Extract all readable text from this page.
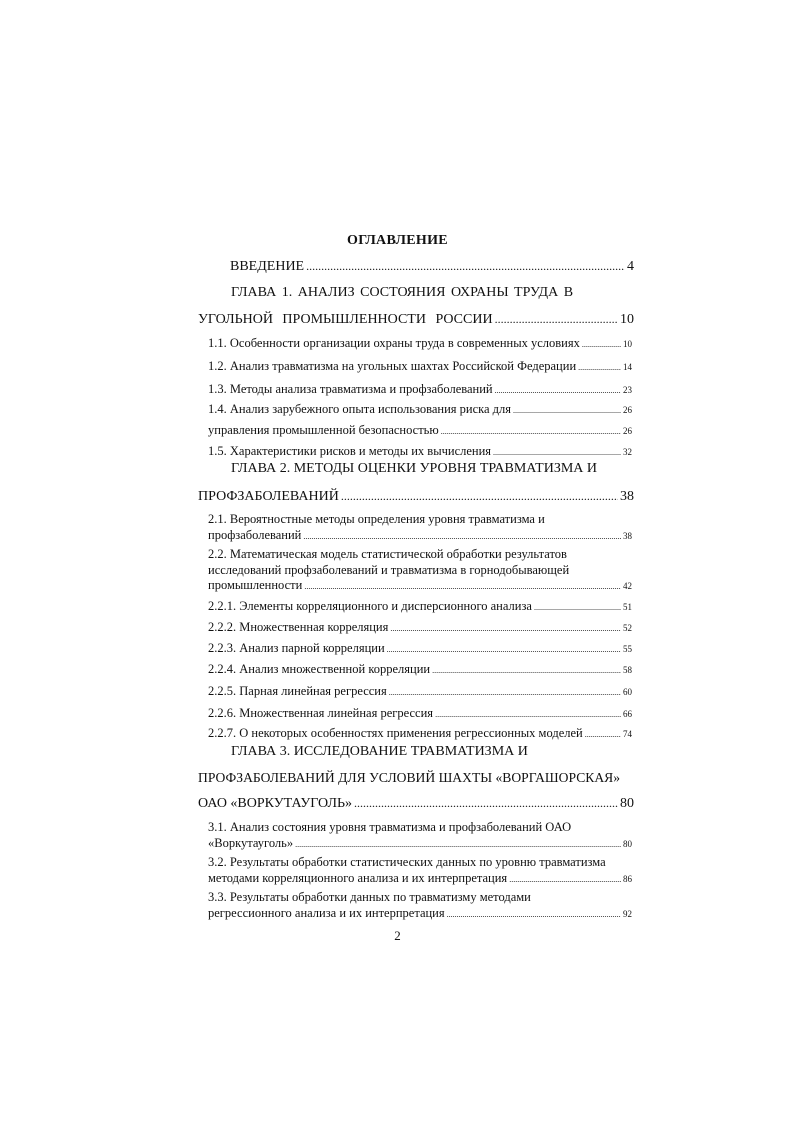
ОГЛАВЛЕНИЕ
ВВЕДЕНИЕ .....	4
ГЛАВА 1. АНАЛИЗ СОСТОЯНИЯ ОХРАНЫ ТРУДА В
УГОЛЬНОЙ ПРОМЫШЛЕННОСТИ РОССИИ .....	10
1.1. Особенности организации охраны труда в современных условиях .....	10
1.2. Анализ травматизма на угольных шахтах Российской Федерации .....	14
1.3. Методы анализа травматизма и профзаболеваний .....	23
1.4. Анализ зарубежного опыта использования риска для .....	26
управления промышленной безопасностью .....	26
1.5. Характеристики рисков и методы их вычисления .....	32
ГЛАВА 2. МЕТОДЫ ОЦЕНКИ УРОВНЯ ТРАВМАТИЗМА И
ПРОФЗАБОЛЕВАНИЙ .....	38
2.1. Вероятностные методы определения уровня травматизма и
профзаболеваний .....	38
2.2. Математическая модель статистической обработки результатов
исследований профзаболеваний и травматизма в горнодобывающей
промышленности .....	42
2.2.1. Элементы корреляционного и дисперсионного анализа .....	51
2.2.2. Множественная корреляция .....	52
2.2.3. Анализ парной корреляции .....	55
2.2.4. Анализ множественной корреляции .....	58
2.2.5. Парная линейная регрессия .....	60
2.2.6. Множественная линейная регрессия .....	66
2.2.7. О некоторых особенностях применения регрессионных моделей .....	74
ГЛАВА 3. ИССЛЕДОВАНИЕ ТРАВМАТИЗМА И
ПРОФЗАБОЛЕВАНИЙ ДЛЯ УСЛОВИЙ ШАХТЫ «ВОРГАШОРСКАЯ»
ОАО «ВОРКУТАУГОЛЬ» .....	80
3.1. Анализ состояния уровня травматизма и профзаболеваний ОАО
«Воркутауголь» .....	80
3.2. Результаты обработки статистических данных по уровню травматизма
методами корреляционного анализа и их интерпретация .....	86
3.3. Результаты обработки данных по травматизму методами
регрессионного анализа и их интерпретация .....	92
2
